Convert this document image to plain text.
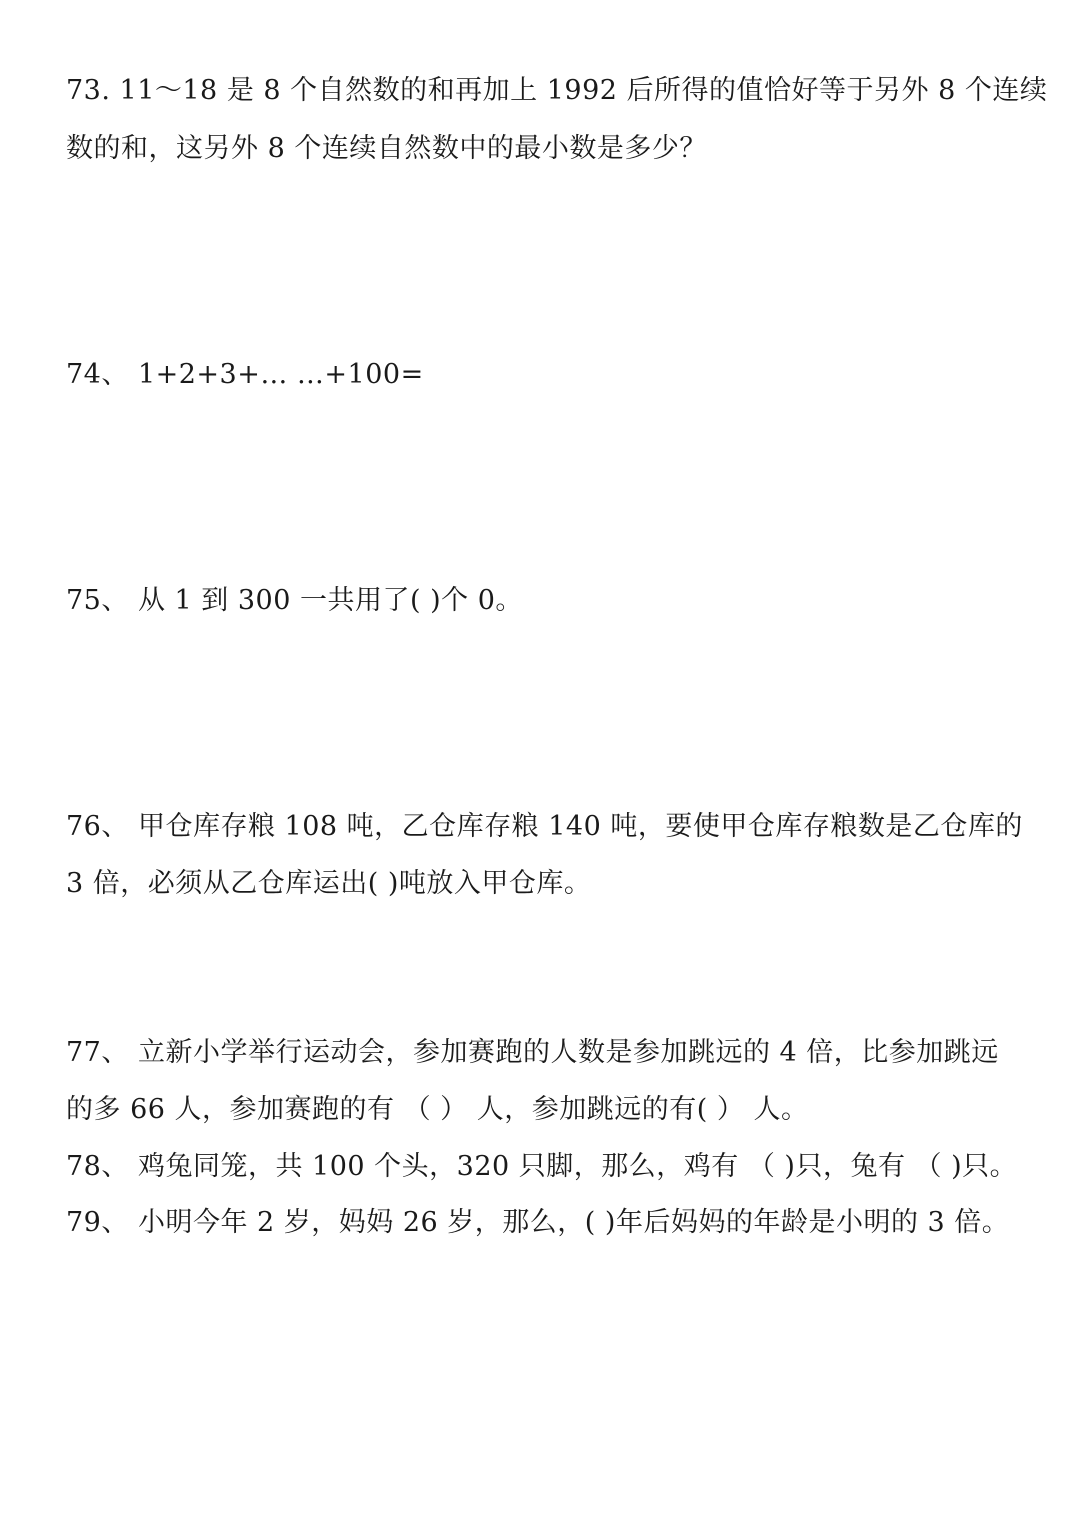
73. 11～18 是 8 个自然数的和再加上 1992 后所得的值恰好等于另外 8 个连续
数的和，这另外 8 个连续自然数中的最小数是多少？
74、 1+2+3+… …+100=
75、 从 1 到 300 一共用了( )个 0。
76、 甲仓库存粮 108 吨，乙仓库存粮 140 吨，要使甲仓库存粮数是乙仓库的
3 倍，必须从乙仓库运出( )吨放入甲仓库。
77、 立新小学举行运动会，参加赛跑的人数是参加跳远的 4 倍，比参加跳远
的多 66 人，参加赛跑的有 （ ） 人，参加跳远的有( ） 人。
78、 鸡兔同笼，共 100 个头，320 只脚，那么，鸡有 （ )只，兔有 （ )只。
79、 小明今年 2 岁，妈妈 26 岁，那么，( )年后妈妈的年龄是小明的 3 倍。
